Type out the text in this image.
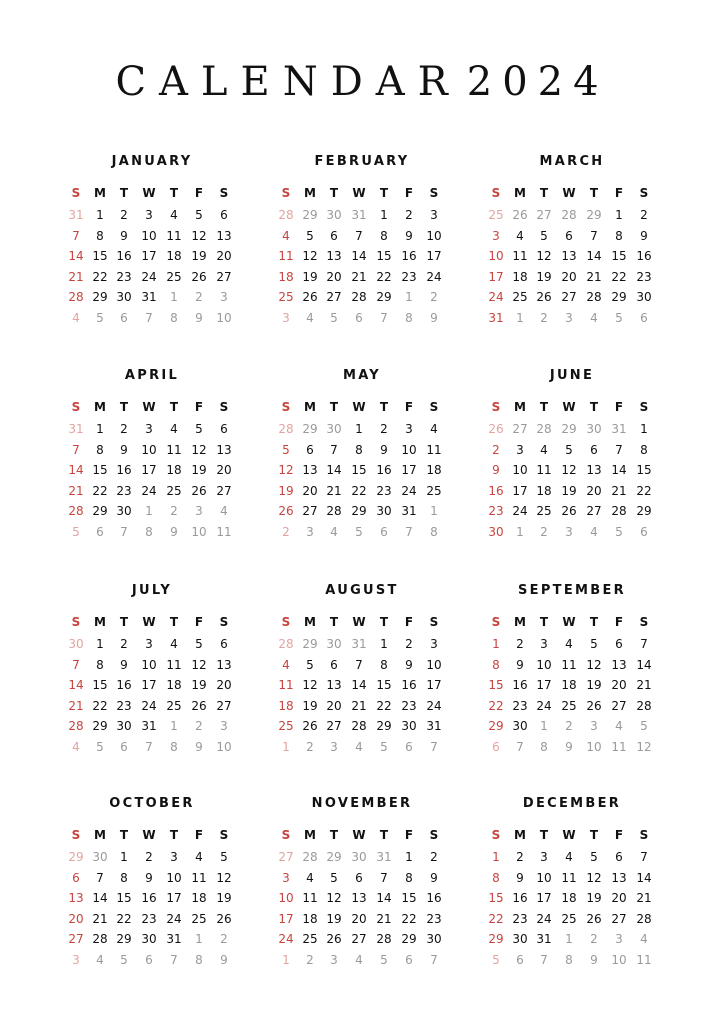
CALENDAR 2024
JANUARY
S	M	T	W	T	F	S
31	1	2	3	4	5	6
7	8	9	10 11 12 13
14 15 16 17 18 19 20
21 22 23 24 25 26 27
28 29 30 31	1	2	3
4	5	6	7	8	9	10
FEBRUARY
S	M	T	W	T	F	S
28 29 30 31	1	2	3
4	5	6	7	8	9	10
11 12 13 14 15 16 17
18 19 20 21 22 23 24
25 26 27 28 29	1	2
3	4	5	6	7	8	9
MARCH
S	M	T	W	T	F	S
25 26 27 28 29	1	2
3	4	5	6	7	8	9
10 11 12 13 14 15 16
17 18 19 20 21 22 23
24 25 26 27 28 29 30
31	1	2	3	4	5	6
APRIL
S	M	T	W	T	F	S
31	1	2	3	4	5	6
7	8	9	10 11 12 13
14 15 16 17 18 19 20
21 22 23 24 25 26 27
28 29 30	1	2	3	4
5	6	7	8	9	10 11
MAY
S	M	T	W	T	F	S
28 29 30	1	2	3	4
5	6	7	8	9	10 11
12 13 14 15 16 17 18
19 20 21 22 23 24 25
26 27 28 29 30 31	1
2	3	4	5	6	7	8
JUNE
S	M	T	W	T	F	S
26 27 28 29 30 31	1
2	3	4	5	6	7	8
9	10 11 12 13 14 15
16 17 18 19 20 21 22
23 24 25 26 27 28 29
30	1	2	3	4	5	6
JULY
S	M	T	W	T	F	S
30	1	2	3	4	5	6
7	8	9	10 11 12 13
14 15 16 17 18 19 20
21 22 23 24 25 26 27
28 29 30 31	1	2	3
4	5	6	7	8	9	10
AUGUST
S	M	T	W	T	F	S
28 29 30 31	1	2	3
4	5	6	7	8	9	10
11 12 13 14 15 16 17
18 19 20 21 22 23 24
25 26 27 28 29 30 31
1	2	3	4	5	6	7
SEPTEMBER
S	M	T	W	T	F	S
1	2	3	4	5	6	7
8	9	10 11 12 13 14
15 16 17 18 19 20 21
22 23 24 25 26 27 28
29 30	1	2	3	4	5
6	7	8	9	10 11 12
OCTOBER
S	M	T	W	T	F	S
29 30	1	2	3	4	5
6	7	8	9	10 11 12
13 14 15 16 17 18 19
20 21 22 23 24 25 26
27 28 29 30 31	1	2
3	4	5	6	7	8	9
NOVEMBER
S	M	T	W	T	F	S
27 28 29 30 31	1	2
3	4	5	6	7	8	9
10 11 12 13 14 15 16
17 18 19 20 21 22 23
24 25 26 27 28 29 30
1	2	3	4	5	6	7
DECEMBER
S	M	T	W	T	F	S
1	2	3	4	5	6	7
8	9	10 11 12 13 14
15 16 17 18 19 20 21
22 23 24 25 26 27 28
29 30 31	1	2	3	4
5	6	7	8	9	10 11
